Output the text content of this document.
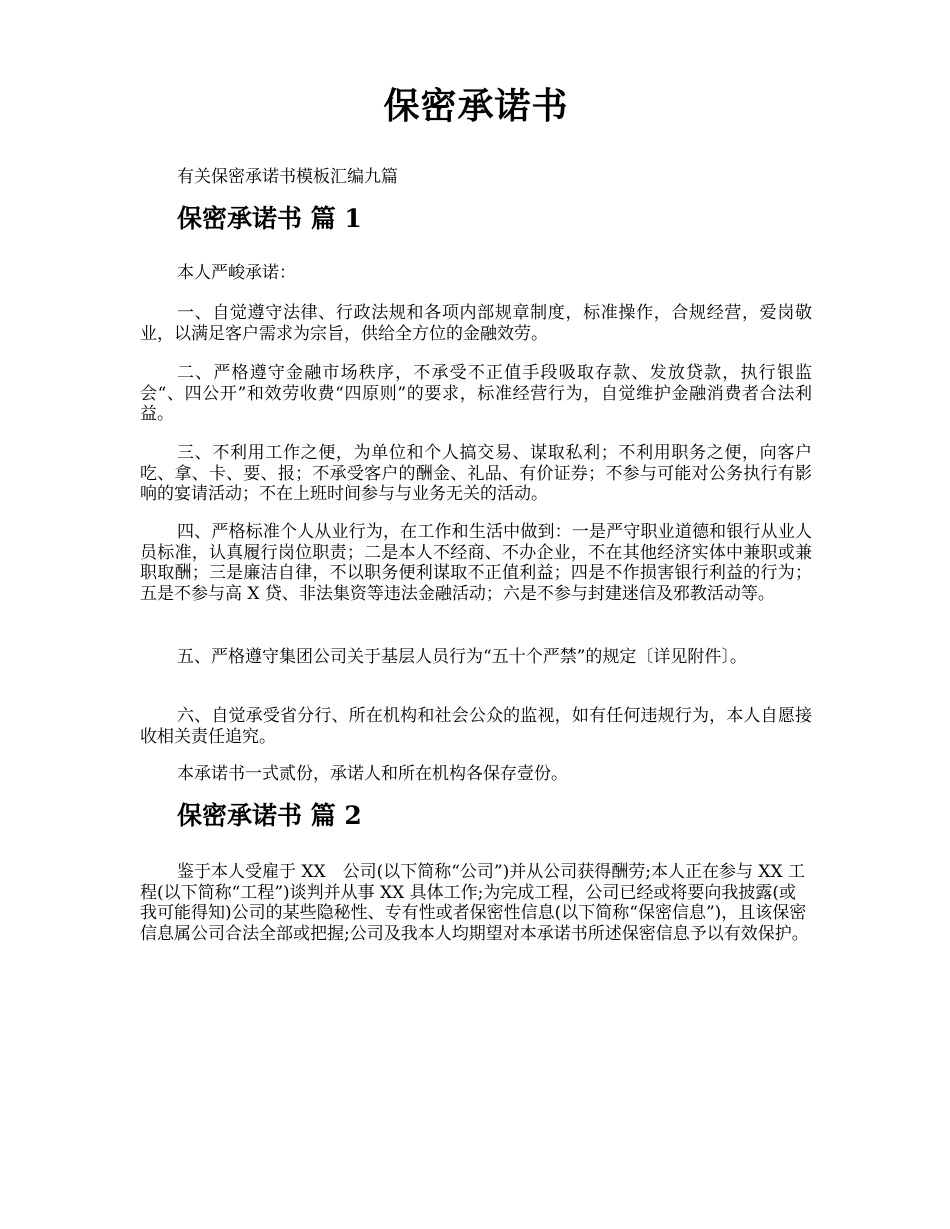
保密承诺书

有关保密承诺书模板汇编九篇

保密承诺书 篇 1

本人严峻承诺：

一、自觉遵守法律、行政法规和各项内部规章制度，标准操作，合规经营，爱岗敬业，以满足客户需求为宗旨，供给全方位的金融效劳。

二、严格遵守金融市场秩序，不承受不正值手段吸取存款、发放贷款，执行银监会“、四公开”和效劳收费“四原则”的要求，标准经营行为，自觉维护金融消费者合法利益。

三、不利用工作之便，为单位和个人搞交易、谋取私利；不利用职务之便，向客户吃、拿、卡、要、报；不承受客户的酬金、礼品、有价证券；不参与可能对公务执行有影响的宴请活动；不在上班时间参与与业务无关的活动。

四、严格标准个人从业行为，在工作和生活中做到：一是严守职业道德和银行从业人员标准，认真履行岗位职责；二是本人不经商、不办企业，不在其他经济实体中兼职或兼职取酬；三是廉洁自律，不以职务便利谋取不正值利益；四是不作损害银行利益的行为；五是不参与高 X 贷、非法集资等违法金融活动；六是不参与封建迷信及邪教活动等。

五、严格遵守集团公司关于基层人员行为“五十个严禁”的规定〔详见附件〕。

六、自觉承受省分行、所在机构和社会公众的监视，如有任何违规行为，本人自愿接收相关责任追究。

本承诺书一式贰份，承诺人和所在机构各保存壹份。

保密承诺书 篇 2

鉴于本人受雇于 XX　公司(以下简称“公司”)并从公司获得酬劳;本人正在参与 XX 工程(以下简称“工程”)谈判并从事 XX 具体工作;为完成工程，公司已经或将要向我披露(或我可能得知)公司的某些隐秘性、专有性或者保密性信息(以下简称“保密信息”)，且该保密信息属公司合法全部或把握;公司及我本人均期望对本承诺书所述保密信息予以有效保护。
